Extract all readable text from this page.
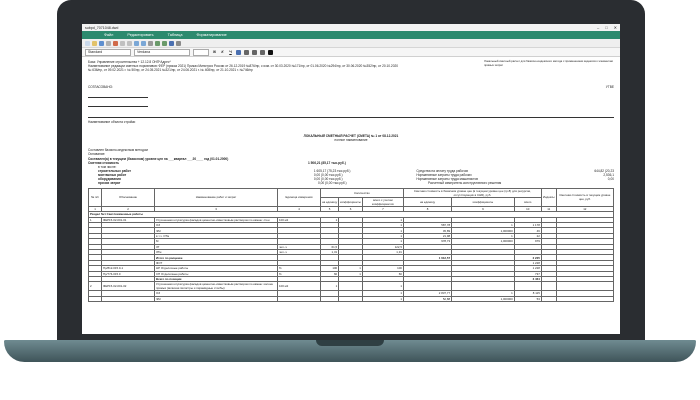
subpd_7071048.dwd	– □ ✕
Файл	Редактировать	Таблица	Форматирование
Standard	Verdana	Ж	К	Ч
База: Управление строительства + 12.12.8 ОНП*Адрес*
Наименование редакции сметных нормативов: ФЕР (приказ 2021) Приказ Минстроя России от 26.12.2019 №876/пр, с изм. от 30.03.2020 №171/пр, от 01.06.2020 №294/пр, от 30.06.2020 №352/пр, от 20.10.2020
№ 636/пр, от 09.02.2021 г. № 50/пр, от 24.05.2021 №321/пр, от 24.06.2021 г. № 408/пр, от 21.10.2021 г. №746/пр
Локальный сметный расчет для базисно-индексного метода с применением индексов к элементам прямых затрат
СОГЛАСОВАНО:	УТВЕ
Наименование объекта стройки
ЛОКАЛЬНЫЙ СМЕТНЫЙ РАСЧЕТ (СМЕТА) № 1 от 08.12.2021
полное наименование
Составлен базисно-индексным методом
Основание:
Составлен(а) в текущем (базисном) уровне цен на ___квартал ___20____ год (01.01.2000)
Сметная стоимость	1 506,21 (85,17 тыс.руб.)
в том числе:
строительных работ	1 605,17 (75,23 тыс.руб.)	Средства на оплату труда рабочих	644,82 (20,23
монтажных работ	0,00 (0,00 тыс.руб.)	Нормативные затраты труда рабочих	2,536,1
оборудования	0,00 (0,00 тыс.руб.)	Нормативные затраты труда машинистов	0,00
прочих затрат	0,00 (0,00 тыс.руб.)	Расчетный измеритель конструктивного решения
№ п/п	Обоснование	Наименование работ и затрат	Единица измерения	Количество			Сметная стоимость в базисном уровне цен (в текущем уровне цен (гр.8) для ресурсов, отсутствующих в СНБ), руб.			Индексы	Сметная стоимость в текущем уровне цен, руб.
				на единицу	коэффициенты	всего с учетом коэффициентов	на единицу	коэффициенты	всего		
1	2	3	4	5	6	7	8	9	10	11	12
Раздел №1 Светлокаменные работы											
1	ФЕР15-02-001-01	Улучшенная штукатурка фасадов цементно-известковым раствором по камню: стен	100 м2	1		1					
		ОЗ				1	587,78	1	1 178		
		ЭМ				1	45,89	1,000000	46		
		в т.ч. ОТм				1	21,98	1	22		
		М				1	978,73	1,000000	979		
		ЗТ	чел.-ч	61,5		122,5					
		ЗТм	чел.-ч	1,31		1,31					
		Итого по расценке					1 612,57		2 225		
		ФОТ							1 228		
	Пр/812-015.0-1	НР Отделочные работы	%	100	1	100			1 228		
	Пр/774-015.0	СП Отделочные работы	%	60	1	60			737		
		Всего по позиции							3 464		
2	ФЕР15-02-001-02	Улучшенная штукатурка фасадов цементно-известковым раствором по камню: колонн прямых (включая пилястры и пирамидные столбы)	100 м2	1		1					
		ОЗ				1	2 837,77	1	8 115		
		ЭМ				1	52,88	1,000000	53		
